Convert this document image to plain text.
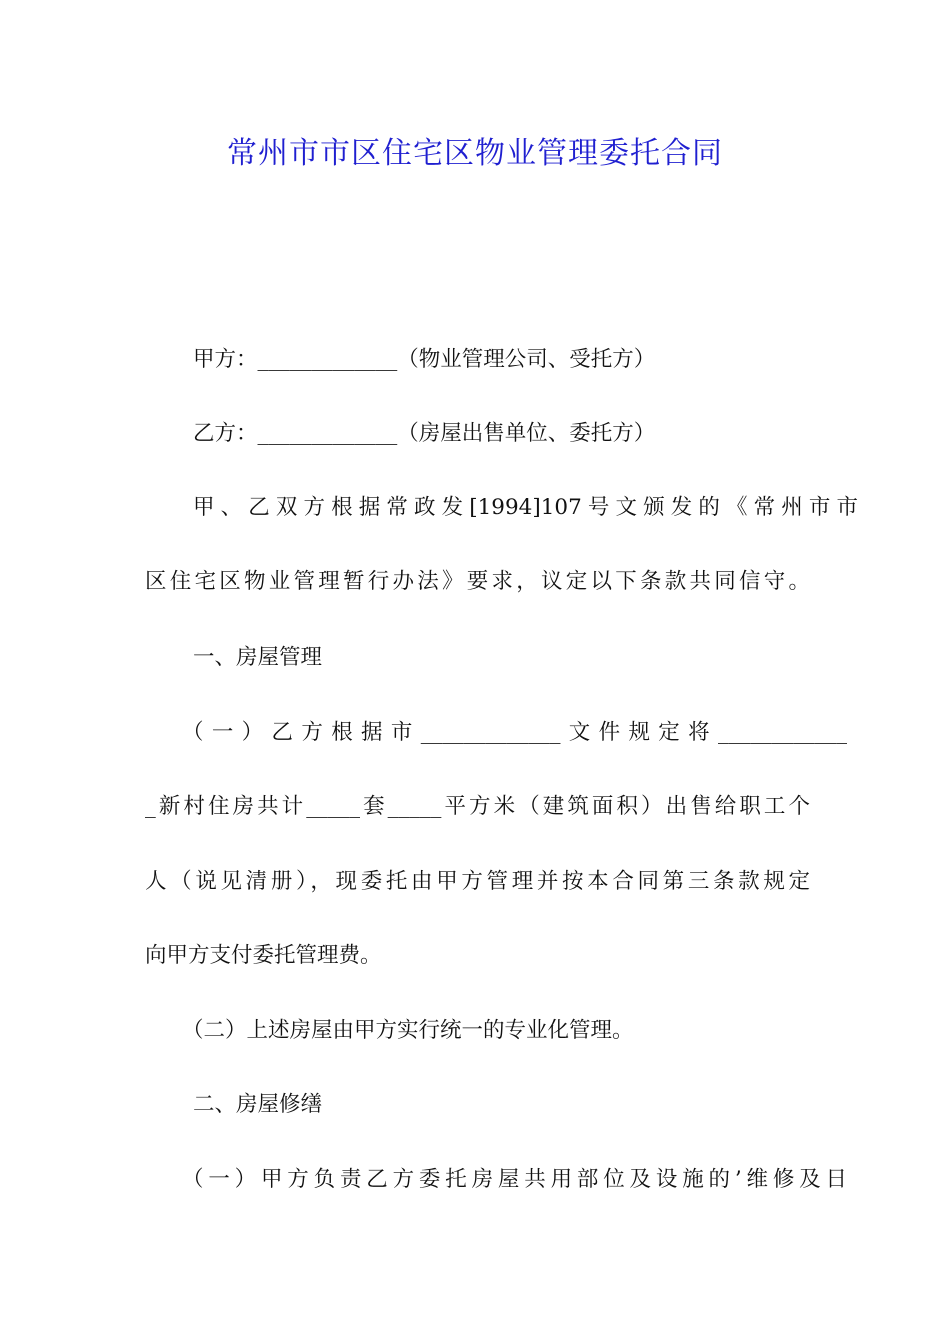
常州市市区住宅区物业管理委托合同

甲方：_____________（物业管理公司、受托方）

乙方：_____________（房屋出售单位、委托方）

甲、乙双方根据常政发[1994]107号文颁发的《常州市市

区住宅区物业管理暂行办法》要求，议定以下条款共同信守。

一、房屋管理

（一）乙方根据市_____________文件规定将____________

_新村住房共计_____套_____平方米（建筑面积）出售给职工个

人（说见清册），现委托由甲方管理并按本合同第三条款规定

向甲方支付委托管理费。

（二）上述房屋由甲方实行统一的专业化管理。

二、房屋修缮

（一）甲方负责乙方委托房屋共用部位及设施的’维修及日
